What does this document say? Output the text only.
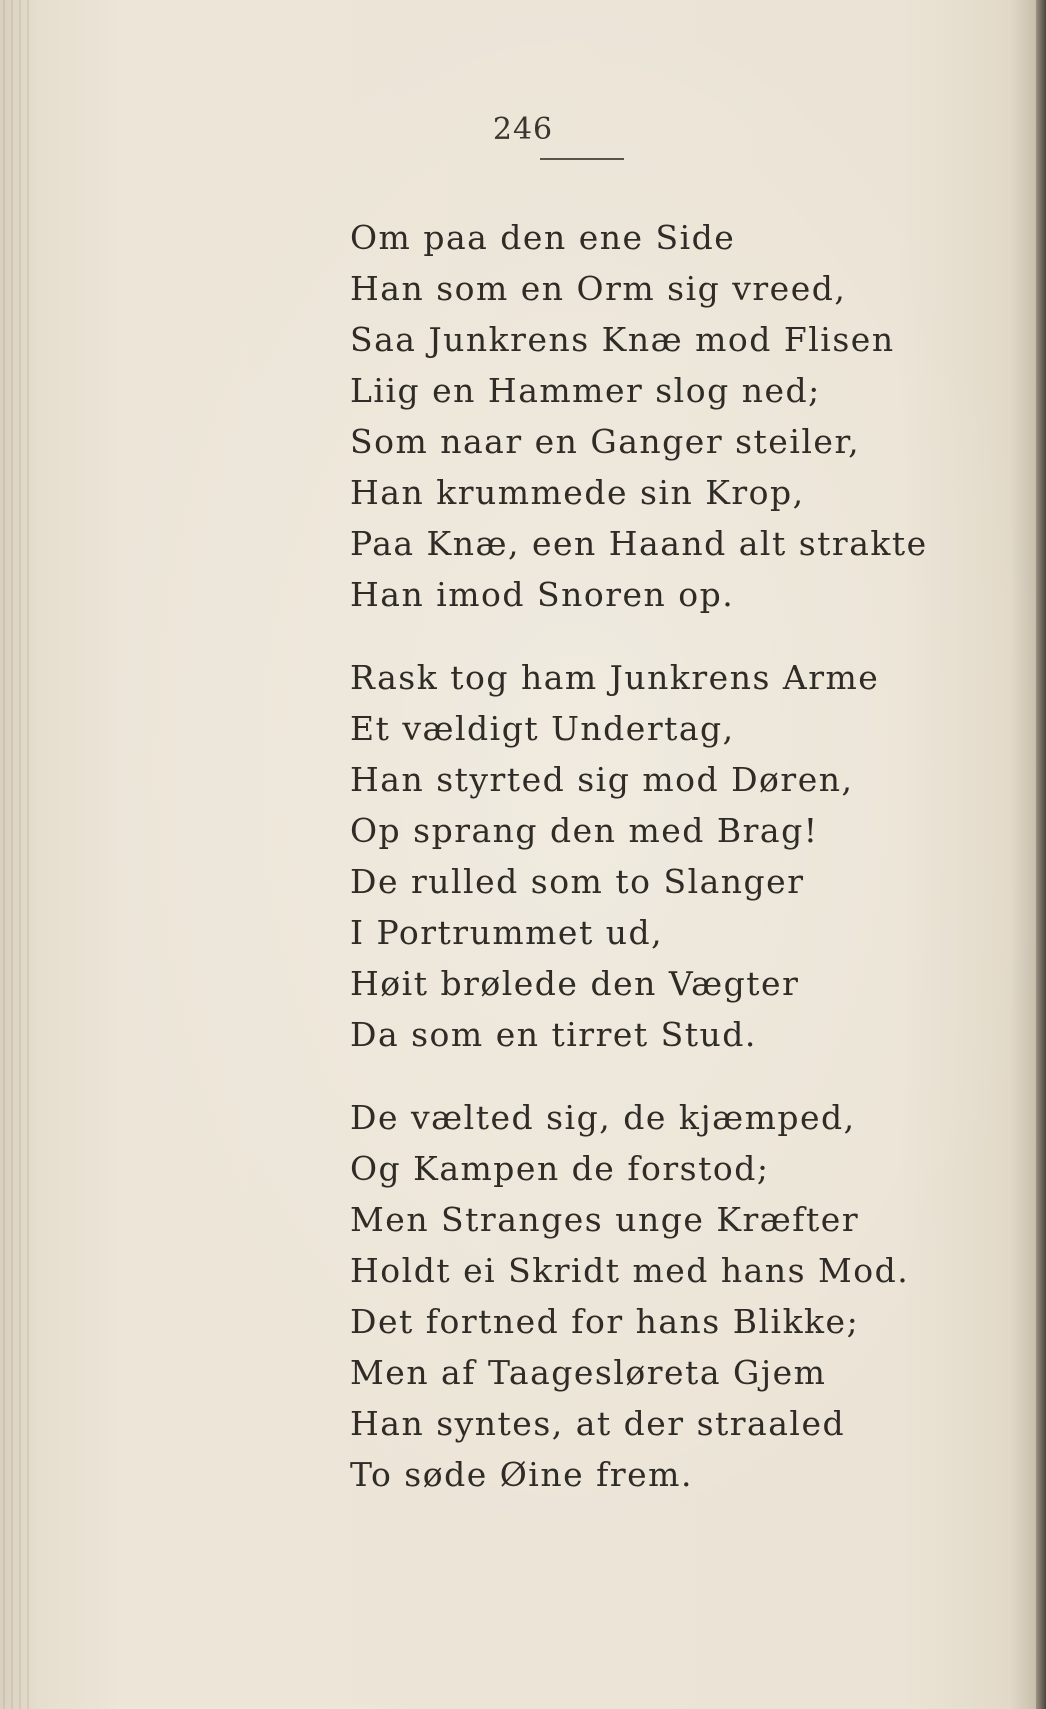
246
Om paa den ene Side
Han som en Orm sig vreed,
Saa Junkrens Knæ mod Flisen
Liig en Hammer slog ned;
Som naar en Ganger steiler,
Han krummede sin Krop,
Paa Knæ, een Haand alt strakte
Han imod Snoren op.
Rask tog ham Junkrens Arme
Et vældigt Undertag,
Han styrted sig mod Døren,
Op sprang den med Brag!
De rulled som to Slanger
I Portrummet ud,
Høit brølede den Vægter
Da som en tirret Stud.
De vælted sig, de kjæmped,
Og Kampen de forstod;
Men Stranges unge Kræfter
Holdt ei Skridt med hans Mod.
Det fortned for hans Blikke;
Men af Taagesløreta Gjem
Han syntes, at der straaled
To søde Øine frem.
